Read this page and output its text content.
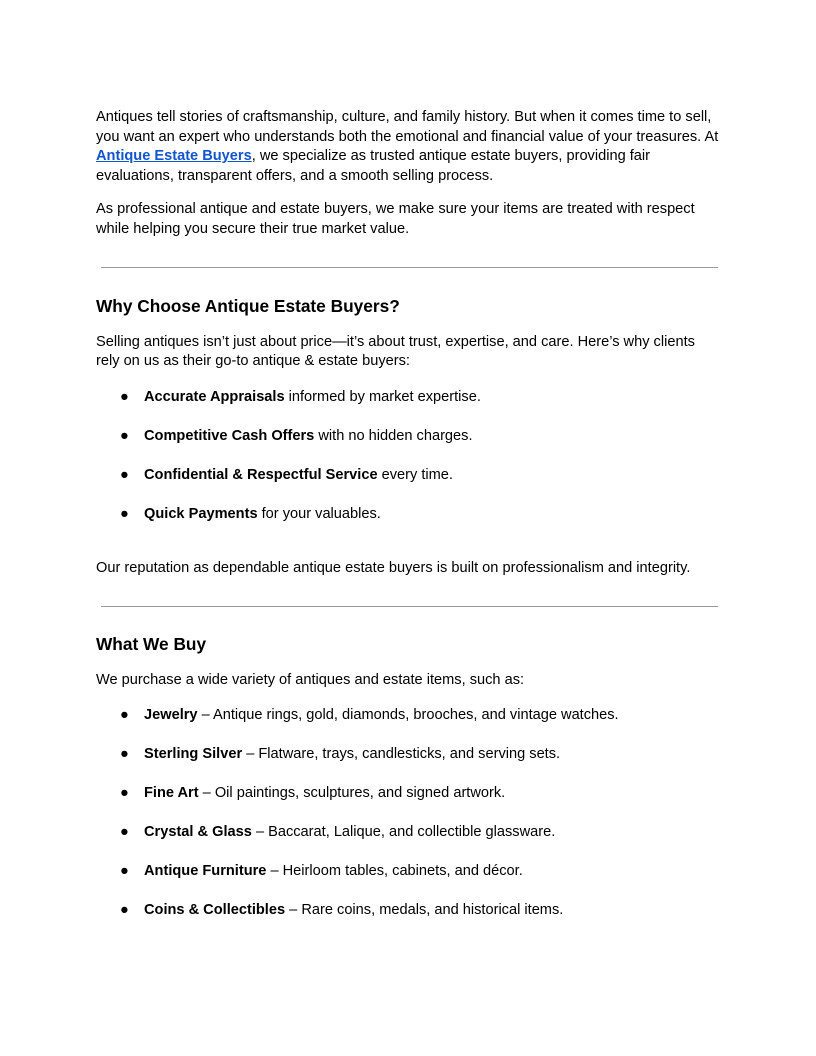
Antiques tell stories of craftsmanship, culture, and family history. But when it comes time to sell, you want an expert who understands both the emotional and financial value of your treasures. At Antique Estate Buyers, we specialize as trusted antique estate buyers, providing fair evaluations, transparent offers, and a smooth selling process.

As professional antique and estate buyers, we make sure your items are treated with respect while helping you secure their true market value.

Why Choose Antique Estate Buyers?

Selling antiques isn’t just about price—it’s about trust, expertise, and care. Here’s why clients rely on us as their go-to antique & estate buyers:

● Accurate Appraisals informed by market expertise.
● Competitive Cash Offers with no hidden charges.
● Confidential & Respectful Service every time.
● Quick Payments for your valuables.

Our reputation as dependable antique estate buyers is built on professionalism and integrity.

What We Buy

We purchase a wide variety of antiques and estate items, such as:

● Jewelry – Antique rings, gold, diamonds, brooches, and vintage watches.
● Sterling Silver – Flatware, trays, candlesticks, and serving sets.
● Fine Art – Oil paintings, sculptures, and signed artwork.
● Crystal & Glass – Baccarat, Lalique, and collectible glassware.
● Antique Furniture – Heirloom tables, cabinets, and décor.
● Coins & Collectibles – Rare coins, medals, and historical items.
